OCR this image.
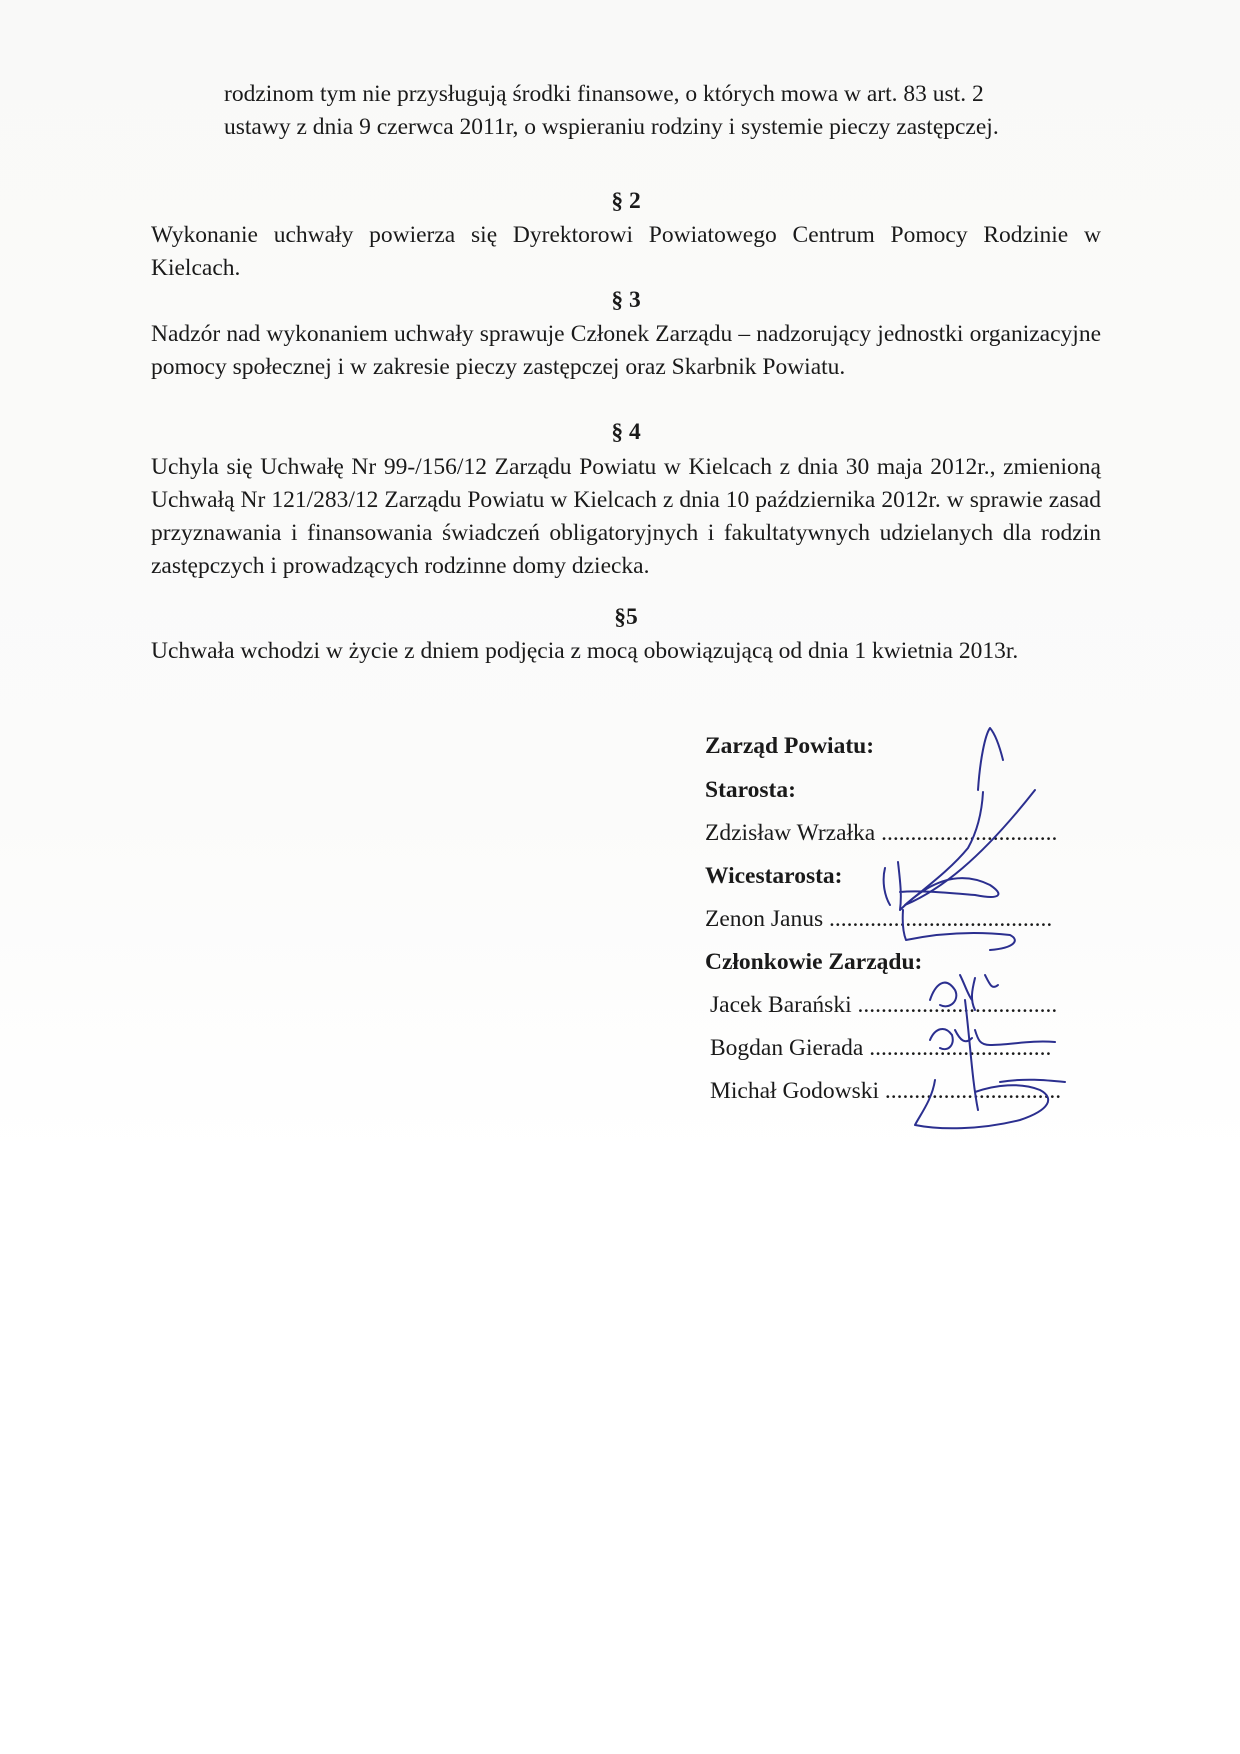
rodzinom tym nie przysługują środki finansowe, o których mowa w art. 83 ust. 2

ustawy z dnia 9 czerwca 2011r, o wspieraniu rodziny i systemie pieczy zastępczej.

§ 2

Wykonanie uchwały powierza się Dyrektorowi Powiatowego Centrum Pomocy Rodzinie w Kielcach.

§ 3

Nadzór nad wykonaniem uchwały sprawuje Członek Zarządu – nadzorujący jednostki organizacyjne pomocy społecznej i w zakresie pieczy zastępczej oraz Skarbnik Powiatu.

§ 4

Uchyla się Uchwałę Nr 99-/156/12 Zarządu Powiatu w Kielcach z dnia 30 maja 2012r., zmienioną Uchwałą Nr 121/283/12 Zarządu Powiatu w Kielcach z dnia 10 października 2012r. w sprawie zasad przyznawania i finansowania świadczeń obligatoryjnych i fakultatywnych udzielanych dla rodzin zastępczych i prowadzących rodzinne domy dziecka.

§5

Uchwała wchodzi w życie z dniem podjęcia z mocą obowiązującą od dnia 1 kwietnia 2013r.

Zarząd Powiatu:
Starosta:
Zdzisław Wrzałka ..............................
Wicestarosta:
Zenon Janus ......................................
Członkowie Zarządu:
Jacek Barański ..................................
Bogdan Gierada ...............................
Michał Godowski ..............................
